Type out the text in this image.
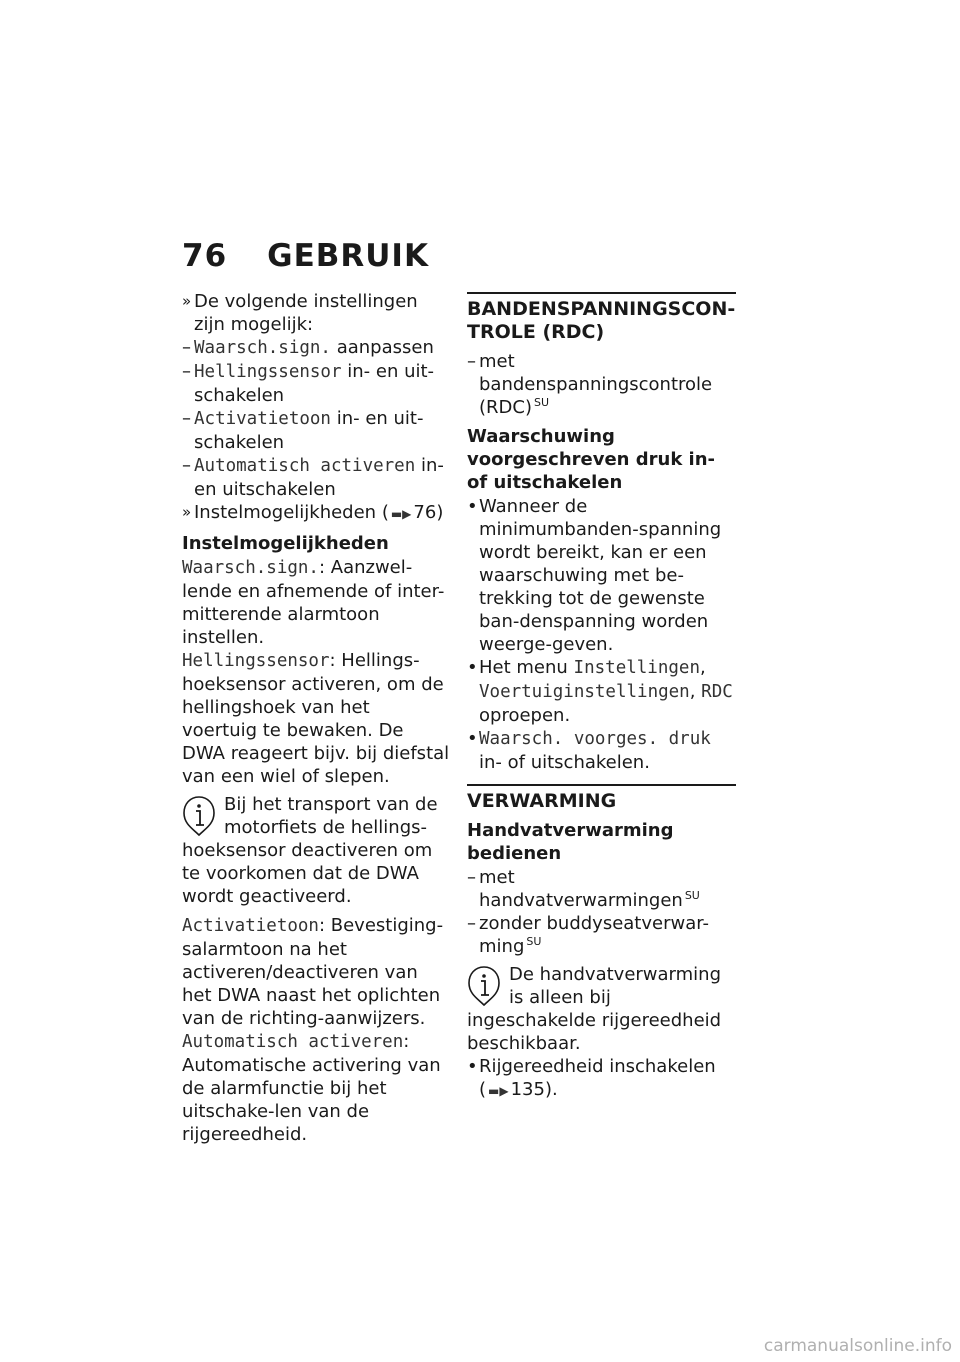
76 GEBRUIK

» De volgende instellingen zijn mogelijk:

– Waarsch.sign. aanpassen

– Hellingssensor in- en uit-schakelen

– Activatietoon in- en uit-schakelen

– Automatisch activeren in- en uitschakelen

» Instelmogelijkheden ( ▬▶ 76)

Instelmogelijkheden

Waarsch.sign.: Aanzwel-lende en afnemende of inter-mitterende alarmtoon instellen.

Hellingssensor: Hellings-hoeksensor activeren, om de hellingshoek van het voertuig te bewaken. De DWA reageert bijv. bij diefstal van een wiel of slepen.

Bij het transport van de motorfiets de hellings-hoeksensor deactiveren om te voorkomen dat de DWA wordt geactiveerd.

Activatietoon: Bevestiging-salarmtoon na het activeren/deactiveren van het DWA naast het oplichten van de richting-aanwijzers.

Automatisch activeren: Automatische activering van de alarmfunctie bij het uitschake-len van de rijgereedheid.

BANDENSPANNINGSCON-TROLE (RDC)

– met bandenspanningscontrole (RDC) $^{SU}$

Waarschuwing voorgeschreven druk in- of uitschakelen

• Wanneer de minimumbanden-spanning wordt bereikt, kan er een waarschuwing met be-trekking tot de gewenste ban-denspanning worden weerge-geven.

• Het menu Instellingen, Voertuiginstellingen, RDC oproepen.

• Waarsch. voorges. druk in- of uitschakelen.

VERWARMING

Handvatverwarming bedienen

– met handvatverwarmingen $^{SU}$

– zonder buddyseatverwar-ming $^{SU}$

De handvatverwarming is alleen bij ingeschakelde rijgereedheid beschikbaar.

• Rijgereedheid inschakelen ( ▬▶ 135).

carmanualsonline.info
